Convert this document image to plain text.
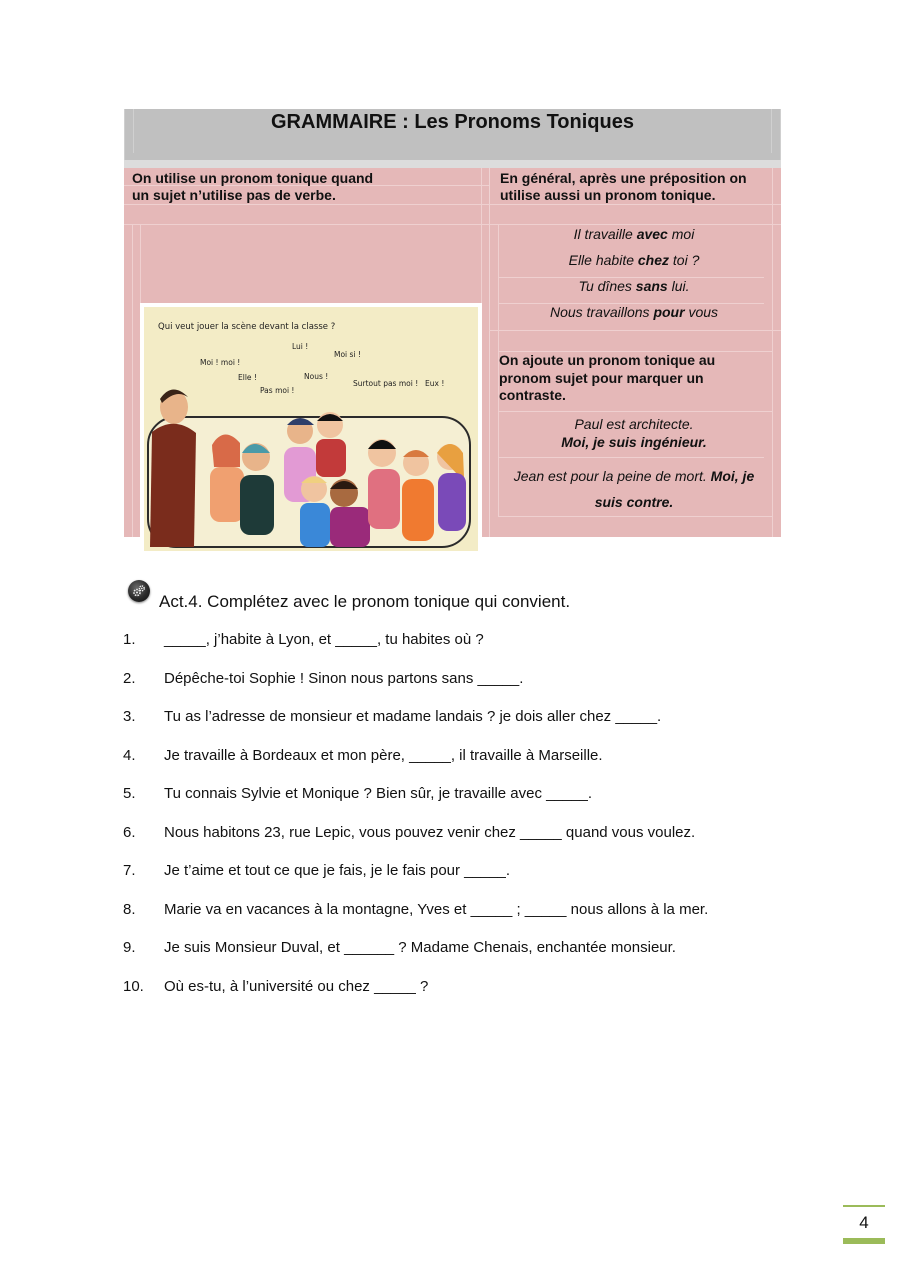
GRAMMAIRE : Les Pronoms Toniques
On utilise un pronom tonique quand
un sujet n’utilise pas de verbe.
En général, après une préposition on
utilise aussi un pronom tonique.
Qui veut jouer la scène devant la classe ?
Moi ! moi !
Elle !
Pas moi !
Lui !
Nous !
Moi si !
Surtout pas moi ! Eux !
Il travaille avec moi
Elle habite chez toi ?
Tu dînes sans lui.
Nous travaillons pour vous
On ajoute un pronom tonique au
pronom sujet pour marquer un
contraste.
Paul est architecte.
Moi, je suis ingénieur.
Jean est pour la peine de mort. Moi, je
suis contre.
Act.4. Complétez avec le pronom tonique qui convient.
1. _____, j’habite à Lyon, et _____, tu habites où ?
2. Dépêche-toi Sophie ! Sinon nous partons sans _____.
3. Tu as l’adresse de monsieur et madame landais ? je dois aller chez _____.
4. Je travaille à Bordeaux et mon père, _____, il travaille à Marseille.
5. Tu connais Sylvie et Monique ? Bien sûr, je travaille avec _____.
6. Nous habitons 23, rue Lepic, vous pouvez venir chez _____ quand vous voulez.
7. Je t’aime et tout ce que je fais, je le fais pour _____.
8. Marie va en vacances à la montagne, Yves et _____ ; _____ nous allons à la mer.
9. Je suis Monsieur Duval, et ______ ? Madame Chenais, enchantée monsieur.
10. Où es-tu, à l’université ou chez _____ ?
4
